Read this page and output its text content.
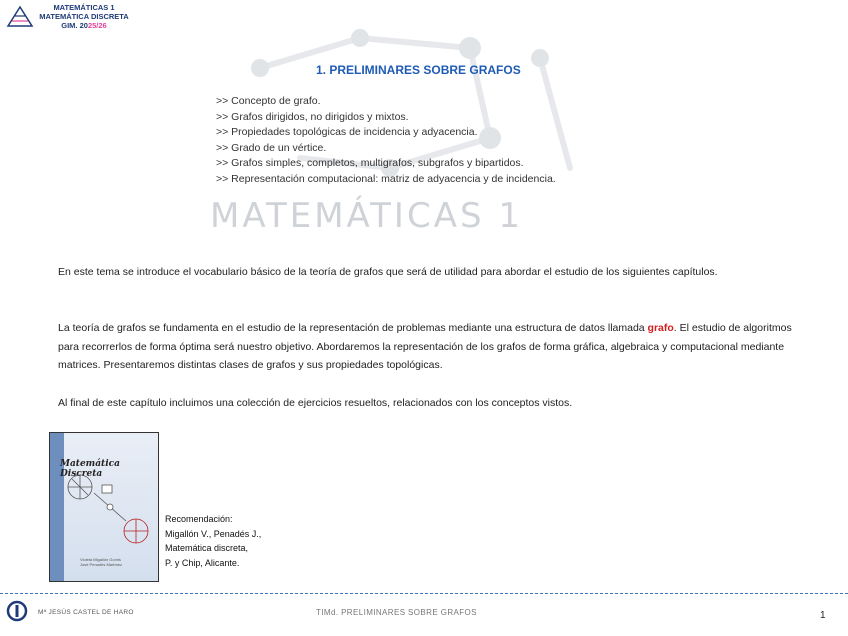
MATEMÁTICAS 1
MATEMÁTICA DISCRETA
GIM. 2025/26
MATEMÁTICAS 1
1. PRELIMINARES SOBRE GRAFOS
>> Concepto de grafo.
>> Grafos dirigidos, no dirigidos y mixtos.
>> Propiedades topológicas de incidencia y adyacencia.
>> Grado de un vértice.
>> Grafos simples, completos, multigrafos, subgrafos y bipartidos.
>> Representación computacional: matriz de adyacencia y de incidencia.

En este tema se introduce el vocabulario básico de la teoría de grafos que será de utilidad para abordar el estudio de los siguientes capítulos.

La teoría de grafos se fundamenta en el estudio de la representación de problemas mediante una estructura de datos llamada grafo. El estudio de algoritmos para recorrerlos de forma óptima será nuestro objetivo. Abordaremos la representación de los grafos de forma gráfica, algebraica y computacional mediante matrices. Presentaremos distintas clases de grafos y sus propiedades topológicas.

Al final de este capítulo incluimos una colección de ejercicios resueltos, relacionados con los conceptos vistos.

Matemática Discreta
Violeta Migallón Gomis
José Penadés Martínez
Recomendación:
Migallón V., Penadés J.,
Matemática discreta,
P. y Chip, Alicante.
Mª JESÚS CASTEL DE HARO	TIMd. PRELIMINARES SOBRE GRAFOS	1
